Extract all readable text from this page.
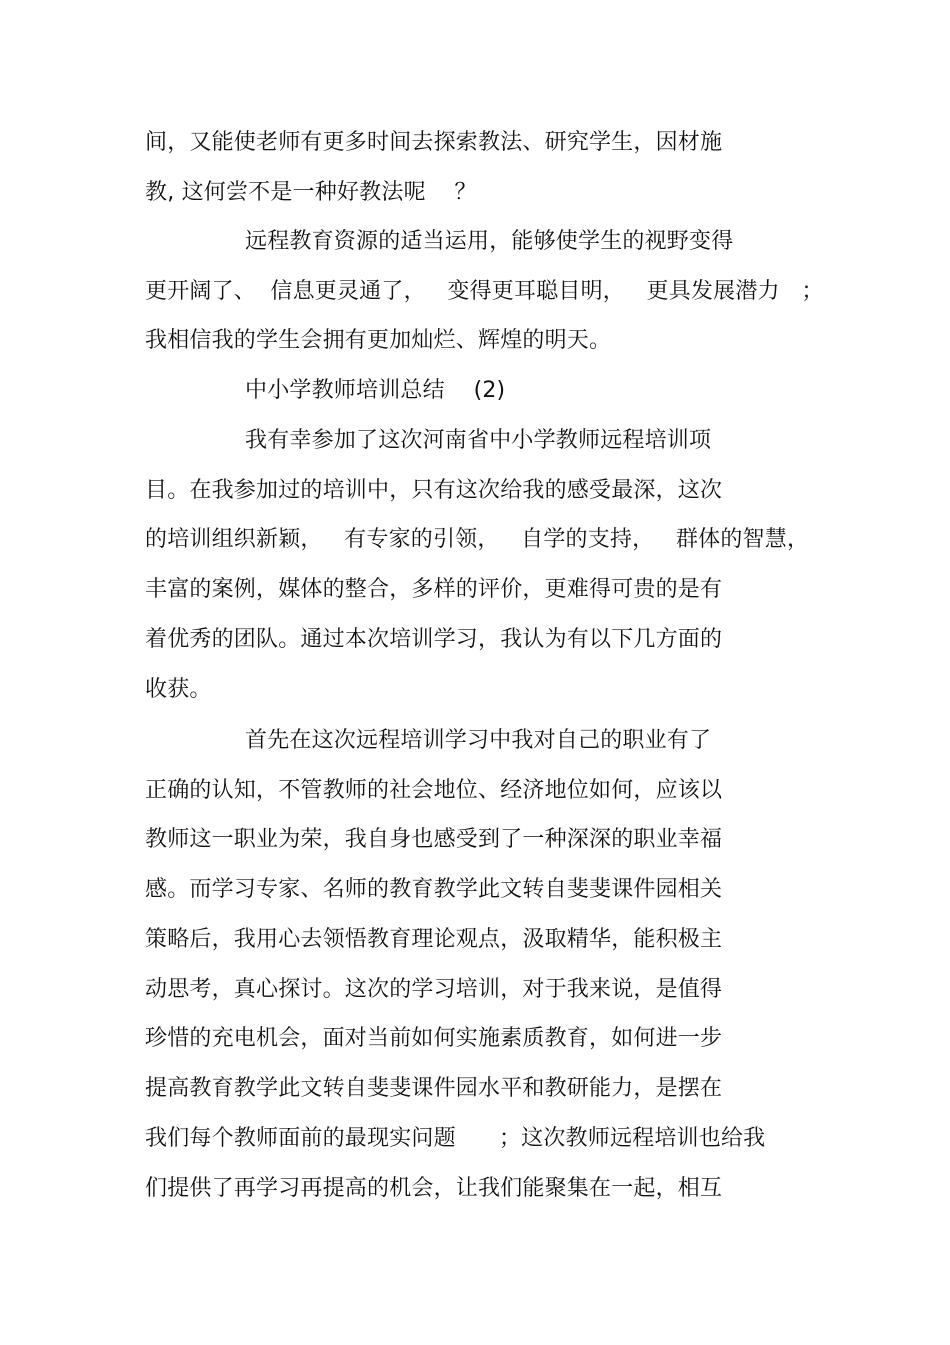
间，又能使老师有更多时间去探索教法、研究学生，因材施
教, 这何尝不是一种好教法呢    ？
远程教育资源的适当运用，能够使学生的视野变得
更开阔了、  信息更灵通了，   变得更耳聪目明，   更具发展潜力   ；
我相信我的学生会拥有更加灿烂、辉煌的明天。
中小学教师培训总结    (2)
我有幸参加了这次河南省中小学教师远程培训项
目。在我参加过的培训中，只有这次给我的感受最深，这次
的培训组织新颖，   有专家的引领，   自学的支持，   群体的智慧，
丰富的案例，媒体的整合，多样的评价，更难得可贵的是有
着优秀的团队。通过本次培训学习，我认为有以下几方面的
收获。
首先在这次远程培训学习中我对自己的职业有了
正确的认知，不管教师的社会地位、经济地位如何，应该以
教师这一职业为荣，我自身也感受到了一种深深的职业幸福
感。而学习专家、名师的教育教学此文转自斐斐课件园相关
策略后，我用心去领悟教育理论观点，汲取精华，能积极主
动思考，真心探讨。这次的学习培训，对于我来说，是值得
珍惜的充电机会，面对当前如何实施素质教育，如何进一步
提高教育教学此文转自斐斐课件园水平和教研能力，是摆在
我们每个教师面前的最现实问题      ；这次教师远程培训也给我
们提供了再学习再提高的机会，让我们能聚集在一起，相互
